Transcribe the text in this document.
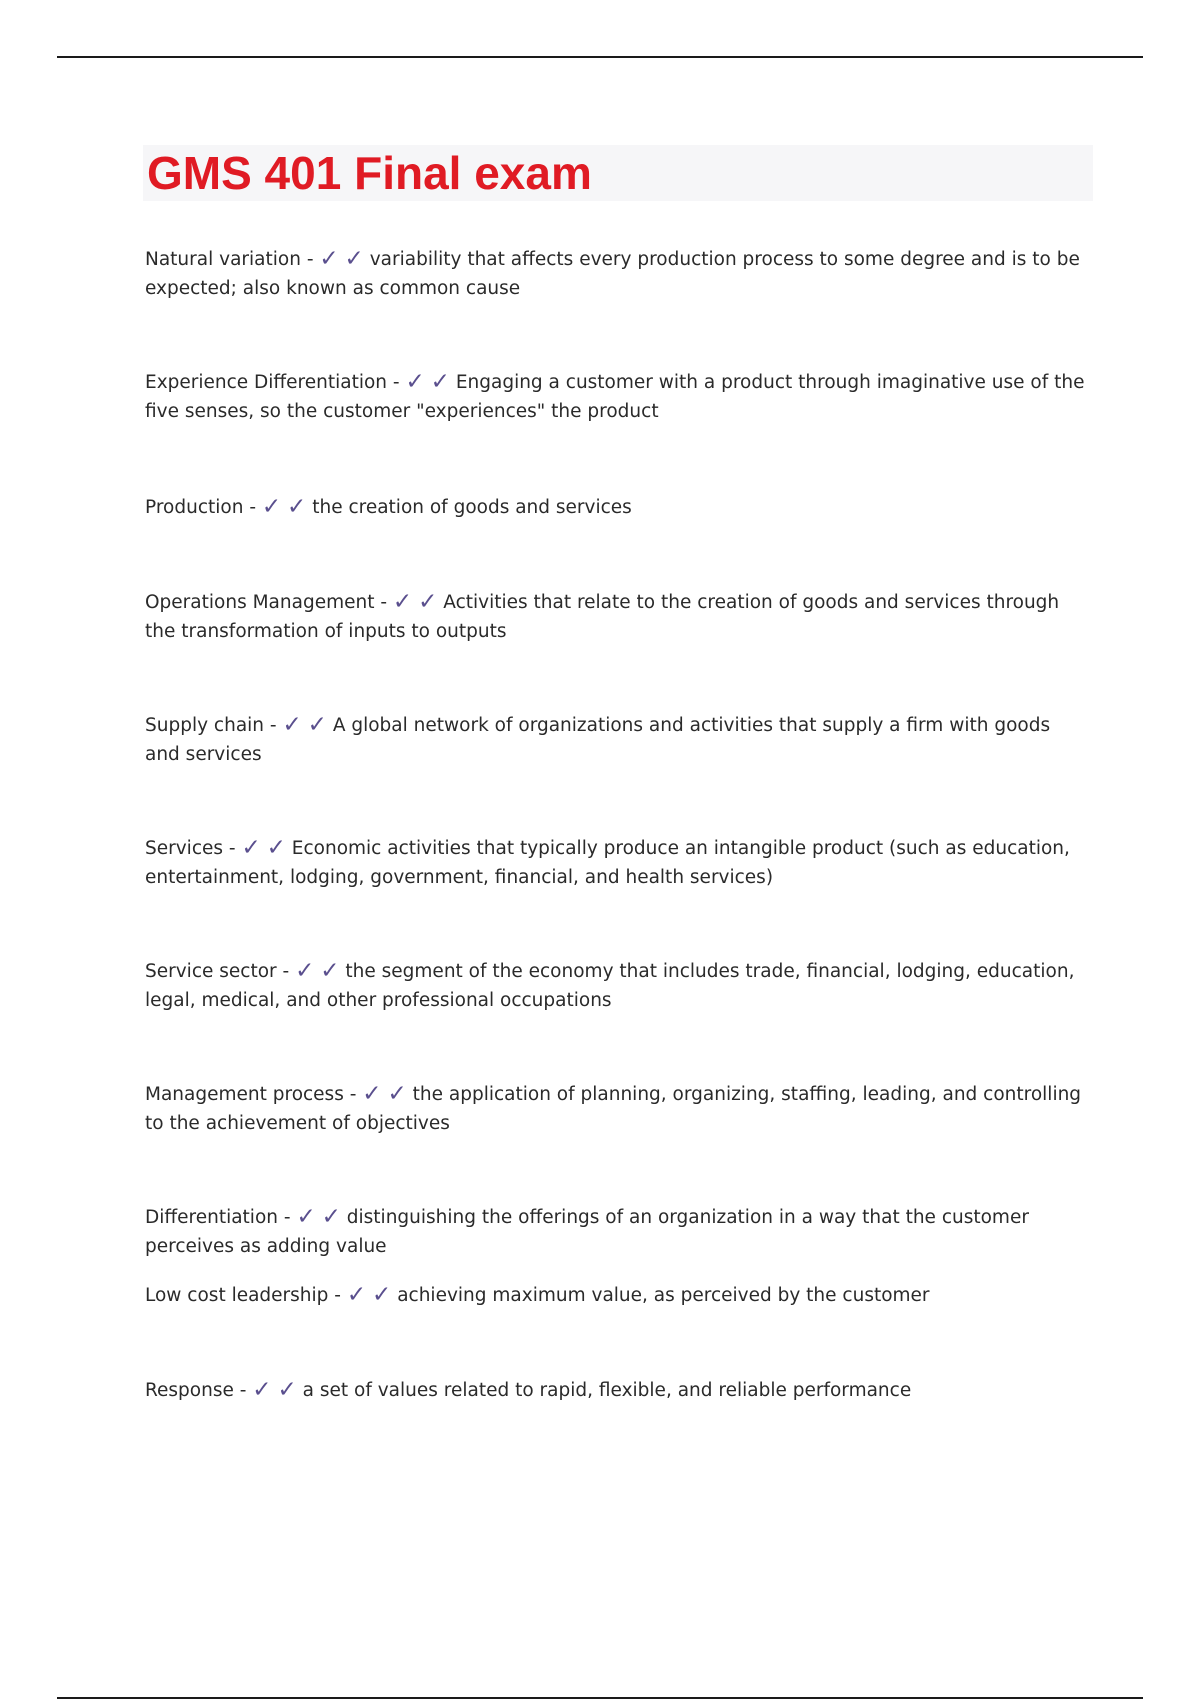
GMS 401 Final exam
Natural variation - ✓ ✓ variability that affects every production process to some degree and is to be expected; also known as common cause
Experience Differentiation - ✓ ✓ Engaging a customer with a product through imaginative use of the five senses, so the customer "experiences" the product
Production - ✓ ✓ the creation of goods and services
Operations Management - ✓ ✓ Activities that relate to the creation of goods and services through the transformation of inputs to outputs
Supply chain - ✓ ✓ A global network of organizations and activities that supply a firm with goods and services
Services - ✓ ✓ Economic activities that typically produce an intangible product (such as education, entertainment, lodging, government, financial, and health services)
Service sector - ✓ ✓ the segment of the economy that includes trade, financial, lodging, education, legal, medical, and other professional occupations
Management process - ✓ ✓ the application of planning, organizing, staffing, leading, and controlling to the achievement of objectives
Differentiation - ✓ ✓ distinguishing the offerings of an organization in a way that the customer perceives as adding value
Low cost leadership - ✓ ✓ achieving maximum value, as perceived by the customer
Response - ✓ ✓ a set of values related to rapid, flexible, and reliable performance
